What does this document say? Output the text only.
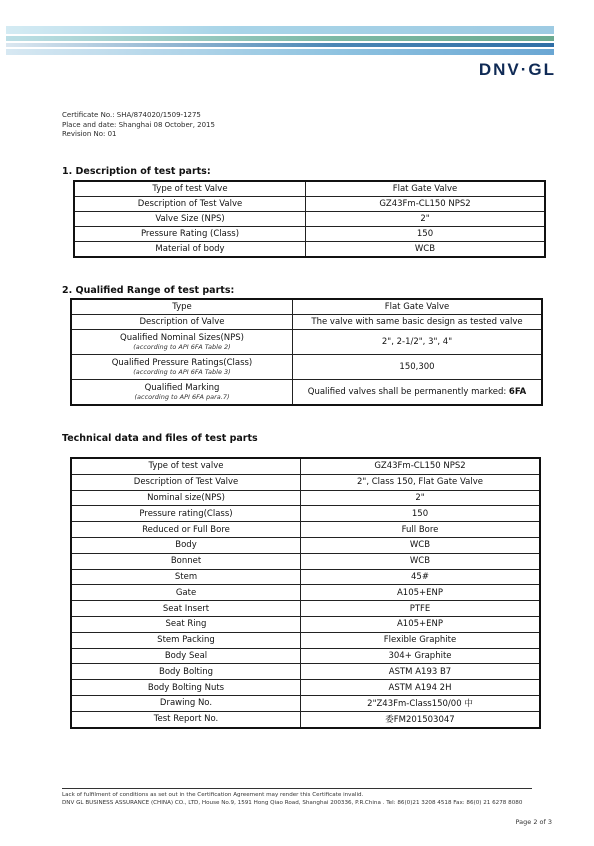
DNV·GL
Certificate No.: SHA/874020/1509-1275
Place and date: Shanghai 08 October, 2015
Revision No: 01
1. Description of test parts:
Type of test Valve	Flat Gate Valve
Description of Test Valve	GZ43Fm-CL150 NPS2
Valve Size (NPS)	2"
Pressure Rating (Class)	150
Material of body	WCB
2. Qualified Range of test parts:
Type	Flat Gate Valve
Description of Valve	The valve with same basic design as tested valve
Qualified Nominal Sizes(NPS)
(according to API 6FA Table 2)	2", 2-1/2", 3", 4"
Qualified Pressure Ratings(Class)
(according to API 6FA Table 3)	150,300
Qualified Marking
(according to API 6FA para.7)	Qualified valves shall be permanently marked: 6FA
Technical data and files of test parts
Type of test valve	GZ43Fm-CL150 NPS2
Description of Test Valve	2", Class 150, Flat Gate Valve
Nominal size(NPS)	2"
Pressure rating(Class)	150
Reduced or Full Bore	Full Bore
Body	WCB
Bonnet	WCB
Stem	45#
Gate	A105+ENP
Seat Insert	PTFE
Seat Ring	A105+ENP
Stem Packing	Flexible Graphite
Body Seal	304+ Graphite
Body Bolting	ASTM A193 B7
Body Bolting Nuts	ASTM A194 2H
Drawing No.	2"Z43Fm-Class150/00 中
Test Report No.	委FM201503047
Lack of fulfilment of conditions as set out in the Certification Agreement may render this Certificate invalid.
DNV GL BUSINESS ASSURANCE (CHINA) CO., LTD, House No.9, 1591 Hong Qiao Road, Shanghai 200336, P.R.China . Tel: 86(0)21 3208 4518 Fax: 86(0) 21 6278 8080
Page 2 of 3
